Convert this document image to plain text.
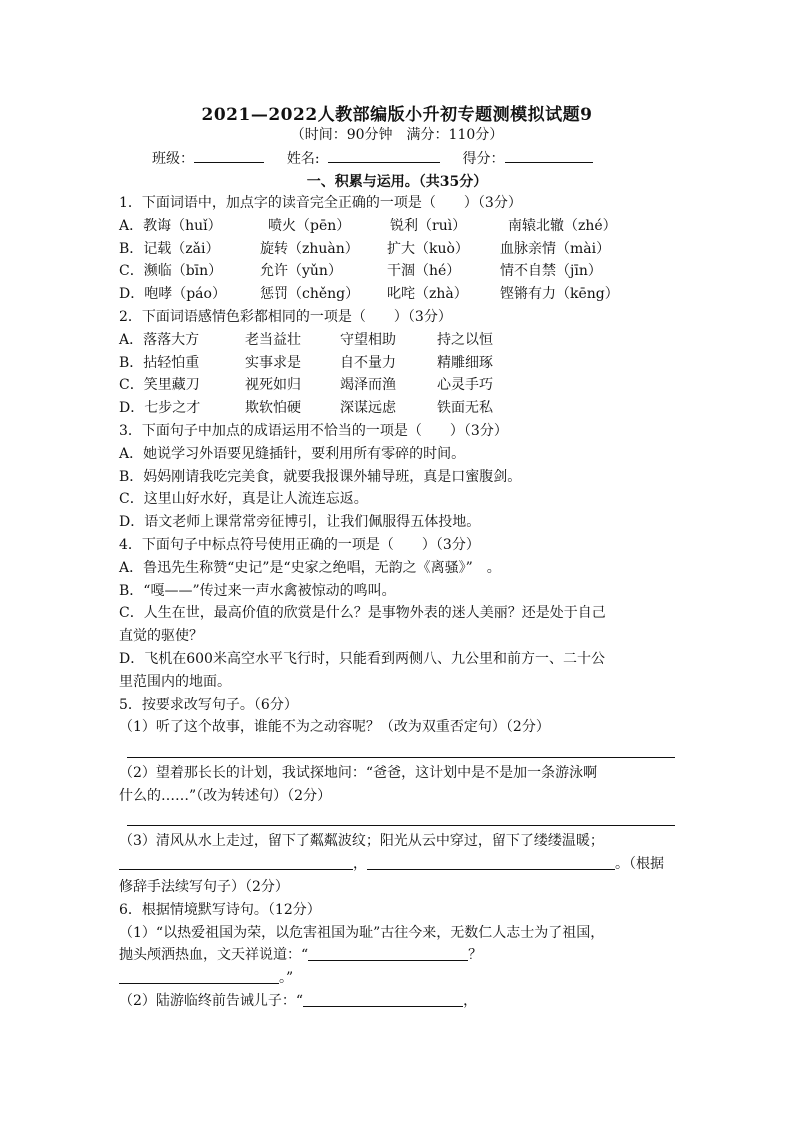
2021—2022人教部编版小升初专题测模拟试题9
（时间：90分钟　满分：110分）
班级：	姓名:	得分：
一、积累与运用。（共35分）
1．下面词语中，加点字的读音完全正确的一项是（　　）（3分）
A．教诲（huǐ）	喷火（pēn）	锐利（ruì）	南辕北辙（zhé）
B．记载（zǎi）	旋转（zhuàn） 扩大（kuò） 血脉亲情（mài）
C．濒临（bīn）	允许（yǔn）	干涸（hé）	情不自禁（jīn）
D．咆哮（páo） 惩罚（chěng） 叱咤（zhà） 铿锵有力（kēng）
2．下面词语感情色彩都相同的一项是（　　）（3分）
A．落落大方	老当益壮	守望相助	持之以恒
B．拈轻怕重	实事求是	自不量力	精雕细琢
C．笑里藏刀	视死如归	竭泽而渔	心灵手巧
D．七步之才	欺软怕硬	深谋远虑	铁面无私
3．下面句子中加点的成语运用不恰当的一项是（　　）（3分）
A．她说学习外语要见缝插针，要利用所有零碎的时间。
B．妈妈刚请我吃完美食，就要我报课外辅导班，真是口蜜腹剑。
C．这里山好水好，真是让人流连忘返。
D．语文老师上课常常旁征博引，让我们佩服得五体投地。
4．下面句子中标点符号使用正确的一项是（　　）（3分）
A．鲁迅先生称赞“史记”是“史家之绝唱，无韵之《离骚》”　。
B．“嘎——”传过来一声水禽被惊动的鸣叫。
C．人生在世，最高价值的欣赏是什么？是事物外表的迷人美丽？还是处于自己
直觉的驱使？
D．飞机在600米高空水平飞行时，只能看到两侧八、九公里和前方一、二十公
里范围内的地面。
5．按要求改写句子。（6分）
（1）听了这个故事，谁能不为之动容呢？（改为双重否定句）（2分）
（2）望着那长长的计划，我试探地问：“爸爸，这计划中是不是加一条游泳啊
什么的……”（改为转述句）（2分）
（3）清风从水上走过，留下了粼粼波纹；阳光从云中穿过，留下了缕缕温暖；
，	。（根据
修辞手法续写句子）（2分）
6．根据情境默写诗句。（12分）
（1）“以热爱祖国为荣，以危害祖国为耻”古往今来，无数仁人志士为了祖国，
抛头颅洒热血，文天祥说道：“	？
。”
（2）陆游临终前告诫儿子：“	，
